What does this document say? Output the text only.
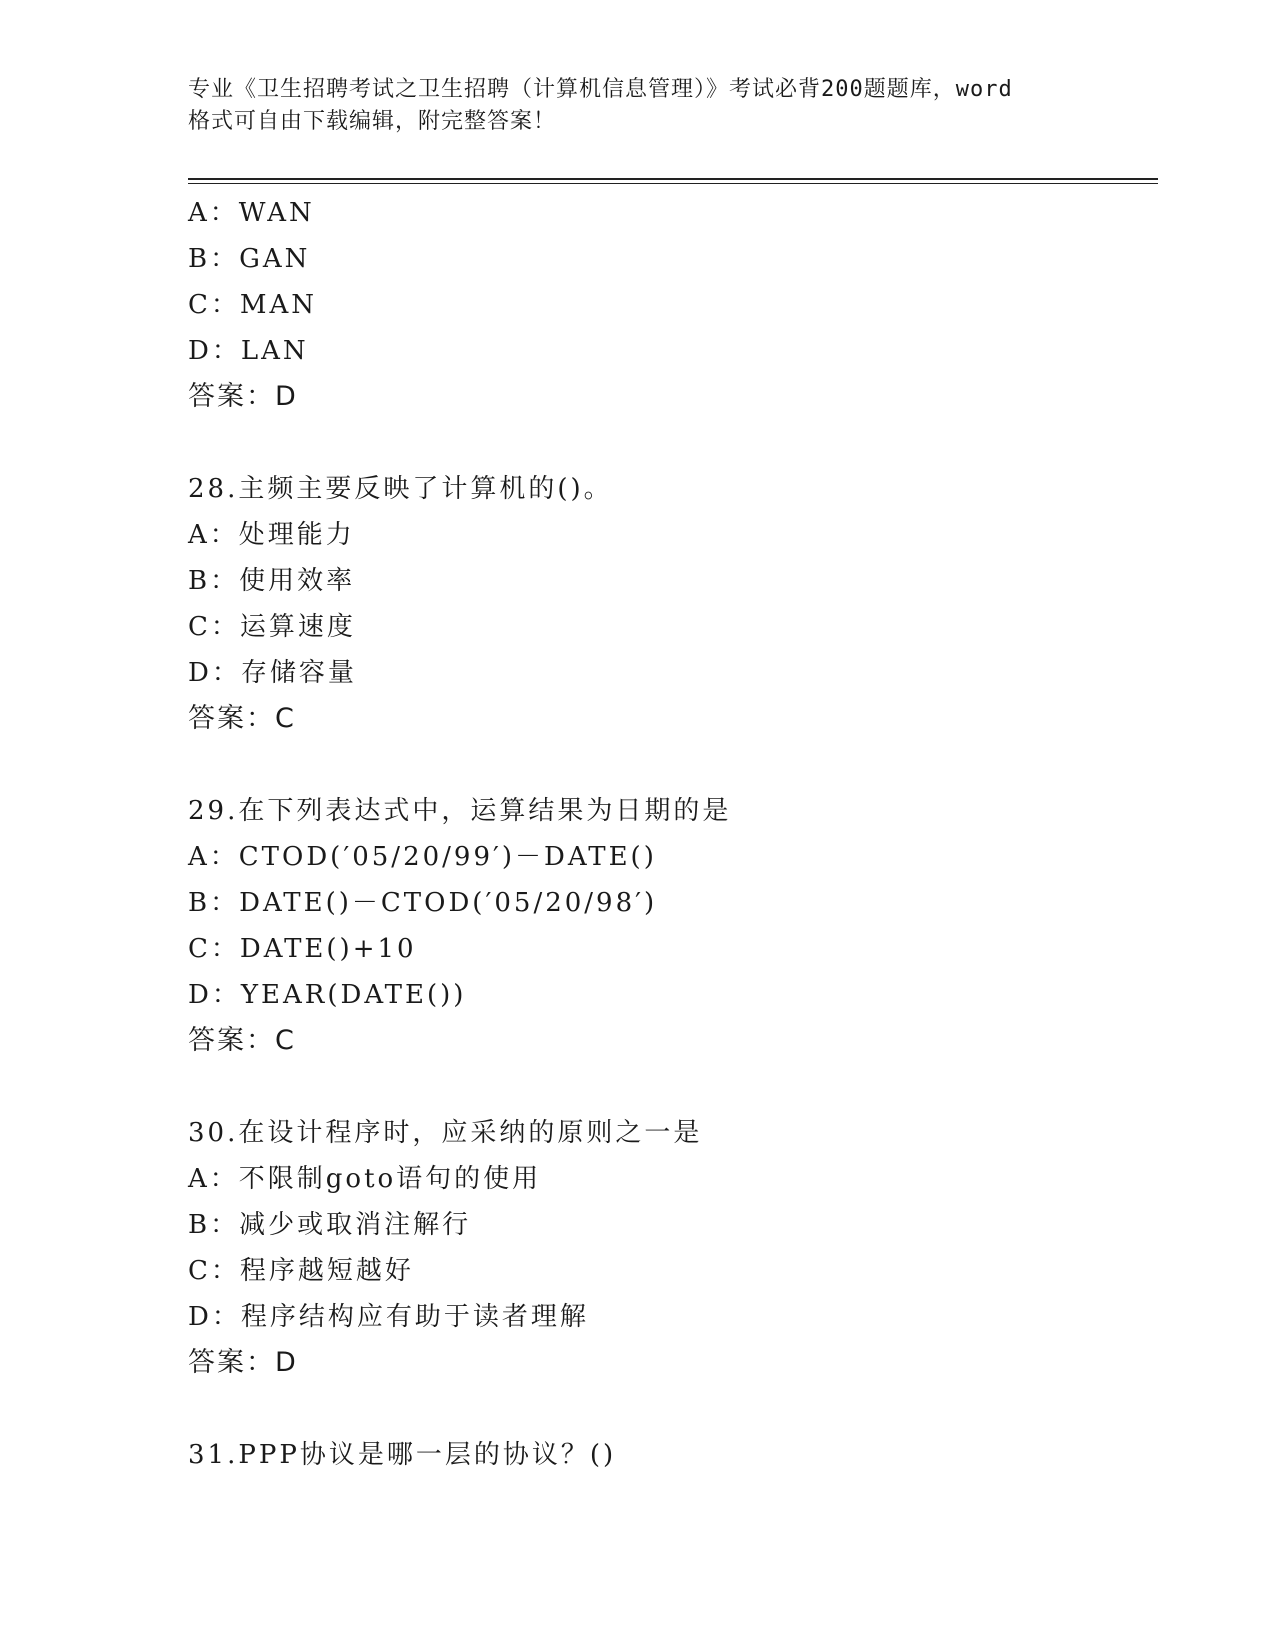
专业《卫生招聘考试之卫生招聘（计算机信息管理）》考试必背200题题库，word
格式可自由下载编辑，附完整答案！
A：WAN
B：GAN
C：MAN
D：LAN
答案：D
28.主频主要反映了计算机的()。
A：处理能力
B：使用效率
C：运算速度
D：存储容量
答案：C
29.在下列表达式中，运算结果为日期的是
A：CTOD(′05/20/99′)－DATE()
B：DATE()－CTOD(′05/20/98′)
C：DATE()+10
D：YEAR(DATE())
答案：C
30.在设计程序时，应采纳的原则之一是
A：不限制goto语句的使用
B：减少或取消注解行
C：程序越短越好
D：程序结构应有助于读者理解
答案：D
31.PPP协议是哪一层的协议？()
